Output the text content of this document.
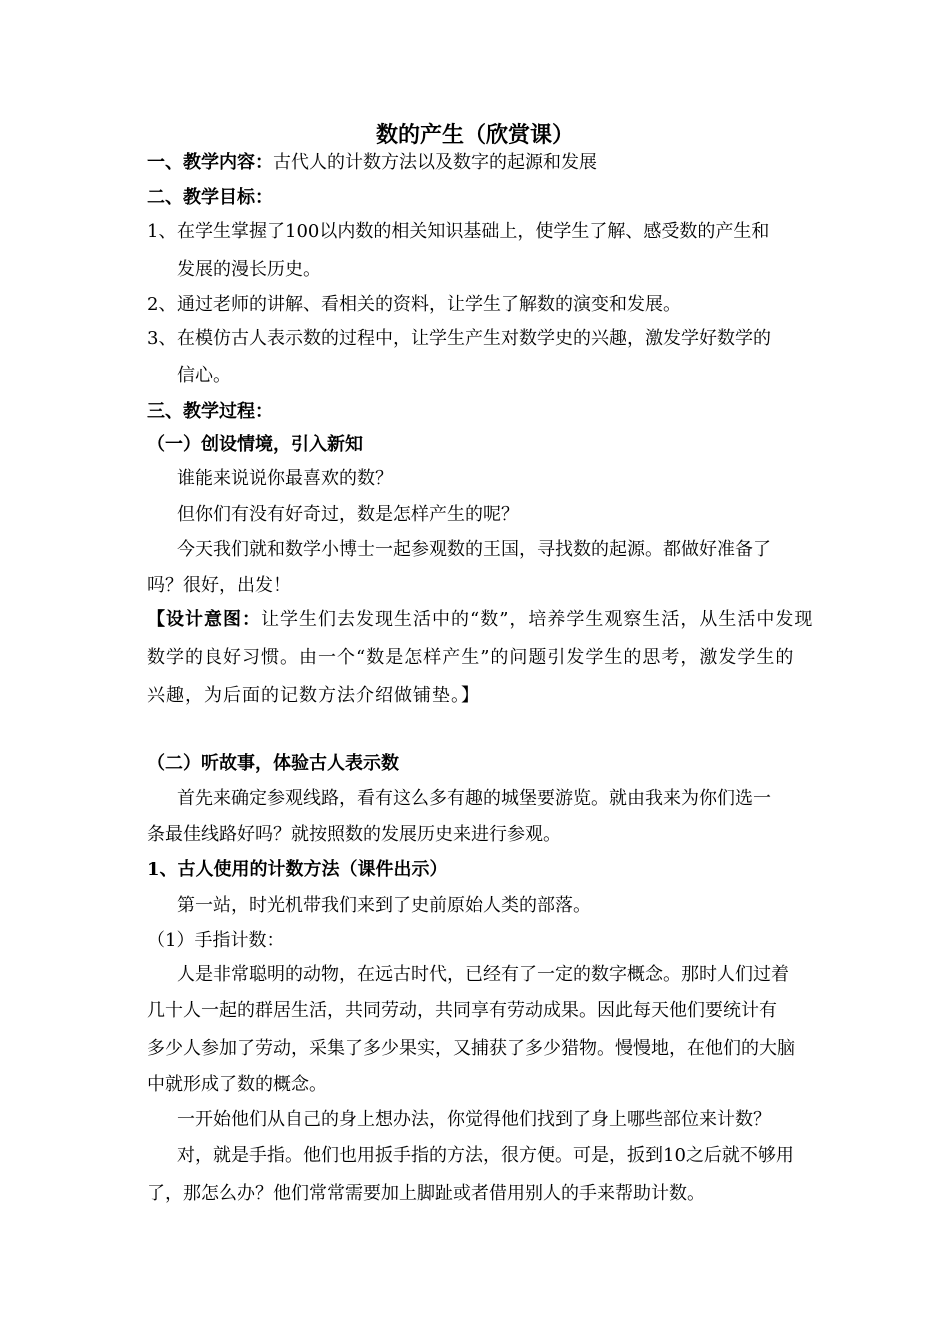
数的产生（欣赏课）
一、教学内容：古代人的计数方法以及数字的起源和发展
二、教学目标：
1、在学生掌握了100以内数的相关知识基础上，使学生了解、感受数的产生和
发展的漫长历史。
2、通过老师的讲解、看相关的资料，让学生了解数的演变和发展。
3、在模仿古人表示数的过程中，让学生产生对数学史的兴趣，激发学好数学的
信心。
三、教学过程：
（一）创设情境，引入新知
谁能来说说你最喜欢的数？
但你们有没有好奇过，数是怎样产生的呢？
今天我们就和数学小博士一起参观数的王国，寻找数的起源。都做好准备了
吗？很好，出发！
【设计意图：让学生们去发现生活中的“数”，培养学生观察生活，从生活中发现
数学的良好习惯。由一个“数是怎样产生”的问题引发学生的思考，激发学生的
兴趣，为后面的记数方法介绍做铺垫。】
（二）听故事，体验古人表示数
首先来确定参观线路，看有这么多有趣的城堡要游览。就由我来为你们选一
条最佳线路好吗？就按照数的发展历史来进行参观。
1、古人使用的计数方法（课件出示）
第一站，时光机带我们来到了史前原始人类的部落。
（1）手指计数：
人是非常聪明的动物，在远古时代，已经有了一定的数字概念。那时人们过着
几十人一起的群居生活，共同劳动，共同享有劳动成果。因此每天他们要统计有
多少人参加了劳动，采集了多少果实，又捕获了多少猎物。慢慢地，在他们的大脑
中就形成了数的概念。
一开始他们从自己的身上想办法，你觉得他们找到了身上哪些部位来计数？
对，就是手指。他们也用扳手指的方法，很方便。可是，扳到10之后就不够用
了，那怎么办？他们常常需要加上脚趾或者借用别人的手来帮助计数。
